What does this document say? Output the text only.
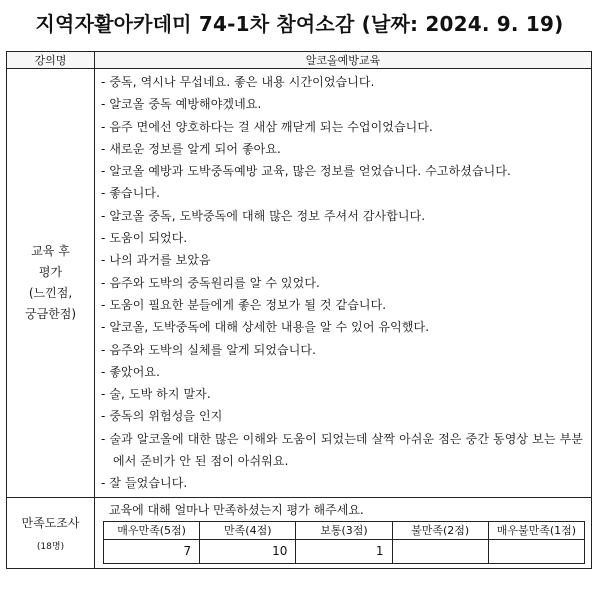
지역자활아카데미 74-1차 참여소감 (날짜: 2024. 9. 19)
강의명	알코올예방교육

교육 후
평가
(느낀점,
궁금한점)

- 중독, 역시나 무섭네요. 좋은 내용 시간이었습니다.
- 알코올 중독 예방해야겠네요.
- 음주 면에선 양호하다는 걸 새삼 깨닫게 되는 수업이었습니다.
- 새로운 정보를 알게 되어 좋아요.
- 알코올 예방과 도박중독예방 교육, 많은 정보를 얻었습니다. 수고하셨습니다.
- 좋습니다.
- 알코올 중독, 도박중독에 대해 많은 정보 주셔서 감사합니다.
- 도움이 되었다.
- 나의 과거를 보았음
- 음주와 도박의 중독원리를 알 수 있었다.
- 도움이 필요한 분들에게 좋은 정보가 될 것 같습니다.
- 알코올, 도박중독에 대해 상세한 내용을 알 수 있어 유익했다.
- 음주와 도박의 실체를 알게 되었습니다.
- 좋았어요.
- 술, 도박 하지 말자.
- 중독의 위험성을 인지
- 술과 알코올에 대한 많은 이해와 도움이 되었는데 살짝 아쉬운 점은 중간 동영상 보는 부분에서 준비가 안 된 점이 아쉬워요.
- 잘 들었습니다.

만족도조사
(18명)

교육에 대해 얼마나 만족하셨는지 평가 해주세요.
매우만족(5점)	만족(4점)	보통(3점)	불만족(2점)	매우불만족(1점)
7	10	1		
